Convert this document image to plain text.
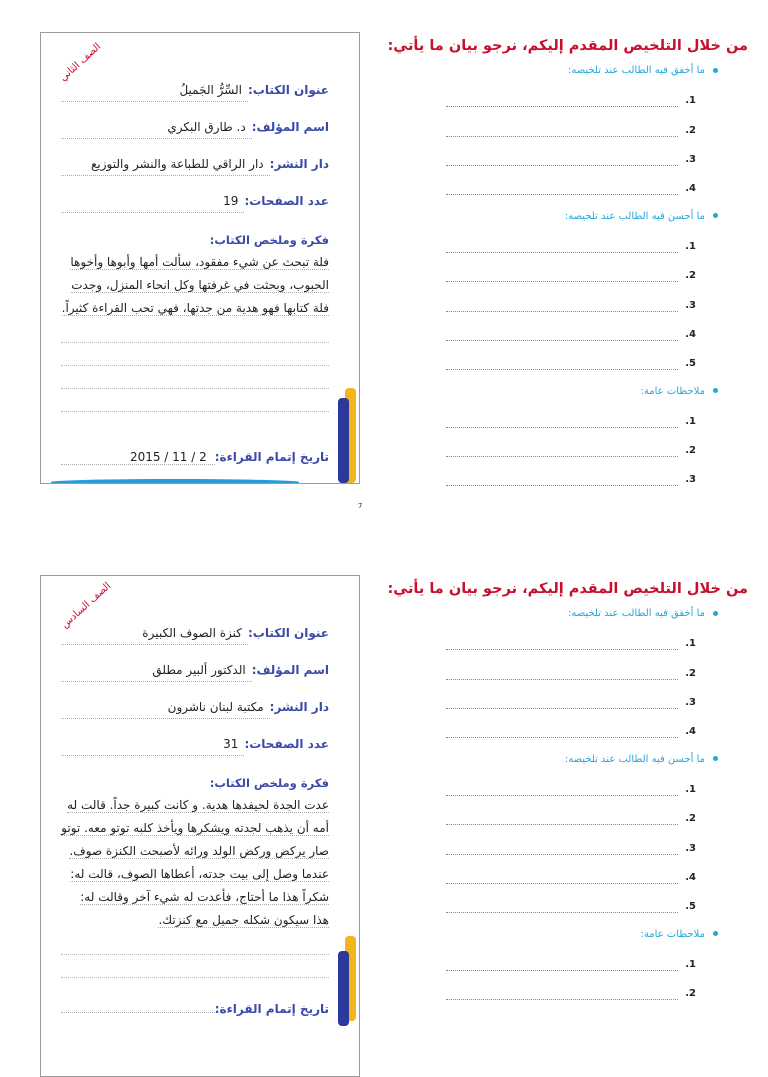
الصف الثاني
عنوان الكتاب:
السِّرُّ الجَميلُ
اسم المؤلف:
د. طارق البكري
دار النشر:
دار الراقي للطباعة والنشر والتوزيع
عدد الصفحات:
19
فكرة وملخص الكتاب:
فلة تبحث عن شيء مفقود، سألت أمها وأبوها وأخوها الحبوب، وبحثت في غرفتها وكل انحاء المنزل، وجدت فلة كتابها فهو هدية من جدتها، فهي تحب القراءة كثيراً.
تاريخ إتمام القراءة:
2 / 11 / 2015
من خلال التلخيص المقدم إليكم، نرجو بيان ما يأتي:
ما أخفق فيه الطالب عند تلخيصه:
.1
.2
.3
.4
ما أحسن فيه الطالب عند تلخيصه:
.1
.2
.3
.4
.5
ملاحظات عامة:
.1
.2
.3
7
الصف السادس
عنوان الكتاب:
كنزة الصوف الكبيرة
اسم المؤلف:
الدكتور ألبير مطلق
دار النشر:
مكتبة لبنان ناشرون
عدد الصفحات:
31
فكرة وملخص الكتاب:
عدت الجدة لحيفدها هدية. و كانت كبيرة جداً. قالت له أمه أن يذهب لجدته ويشكرها ويأخذ كلبه توتو معه. توتو صار يركض وركض الولد ورائه لأصبحت الكنزة صوف. عندما وصل إلى بيت جدته، أعطاها الصوف، قالت له: شكراً هذا ما أحتاج، فأعدت له شيء آخر وقالت له: هذا سيكون شكله جميل مع كنزتك.
تاريخ إتمام القراءة:
من خلال التلخيص المقدم إليكم، نرجو بيان ما يأتي:
ما أخفق فيه الطالب عند تلخيصه:
.1
.2
.3
.4
ما أحسن فيه الطالب عند تلخيصه:
.1
.2
.3
.4
.5
ملاحظات عامة:
.1
.2
